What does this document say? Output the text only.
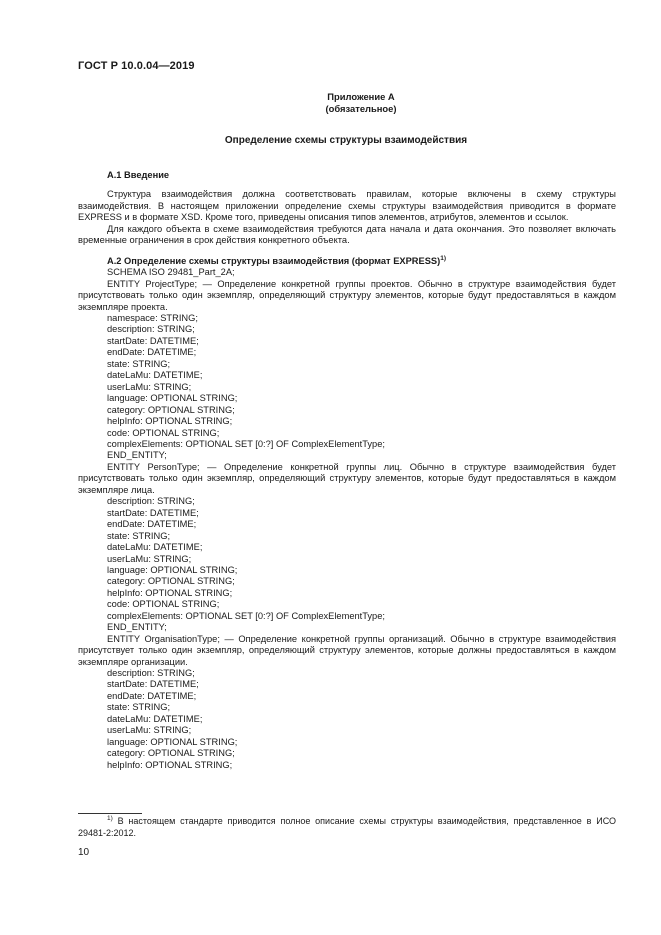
ГОСТ Р 10.0.04—2019
Приложение А
(обязательное)
Определение схемы структуры взаимодействия
А.1 Введение
Структура взаимодействия должна соответствовать правилам, которые включены в схему структуры взаимодействия. В настоящем приложении определение схемы структуры взаимодействия приводится в формате EXPRESS и в формате XSD. Кроме того, приведены описания типов элементов, атрибутов, элементов и ссылок.
Для каждого объекта в схеме взаимодействия требуются дата начала и дата окончания. Это позволяет включать временные ограничения в срок действия конкретного объекта.
А.2 Определение схемы структуры взаимодействия (формат EXPRESS)$^{1)}$
SCHEMA ISO 29481_Part_2A;
ENTITY ProjectType; — Определение конкретной группы проектов. Обычно в структуре взаимодействия будет присутствовать только один экземпляр, определяющий структуру элементов, которые будут предоставляться в каждом экземпляре проекта.
namespace: STRING;
description: STRING;
startDate: DATETIME;
endDate: DATETIME;
state: STRING;
dateLaMu: DATETIME;
userLaMu: STRING;
language: OPTIONAL STRING;
category: OPTIONAL STRING;
helpInfo: OPTIONAL STRING;
code: OPTIONAL STRING;
complexElements: OPTIONAL SET [0:?] OF ComplexElementType;
END_ENTITY;
ENTITY PersonType; — Определение конкретной группы лиц. Обычно в структуре взаимодействия будет присутствовать только один экземпляр, определяющий структуру элементов, которые будут предоставляться в каждом экземпляре лица.
description: STRING;
startDate: DATETIME;
endDate: DATETIME;
state: STRING;
dateLaMu: DATETIME;
userLaMu: STRING;
language: OPTIONAL STRING;
category: OPTIONAL STRING;
helpInfo: OPTIONAL STRING;
code: OPTIONAL STRING;
complexElements: OPTIONAL SET [0:?] OF ComplexElementType;
END_ENTITY;
ENTITY OrganisationType; — Определение конкретной группы организаций. Обычно в структуре взаимодействия присутствует только один экземпляр, определяющий структуру элементов, которые должны предоставляться в каждом экземпляре организации.
description: STRING;
startDate: DATETIME;
endDate: DATETIME;
state: STRING;
dateLaMu: DATETIME;
userLaMu: STRING;
language: OPTIONAL STRING;
category: OPTIONAL STRING;
helpInfo: OPTIONAL STRING;
$^{1)}$ В настоящем стандарте приводится полное описание схемы структуры взаимодействия, представленное в ИСО 29481-2:2012.
10
